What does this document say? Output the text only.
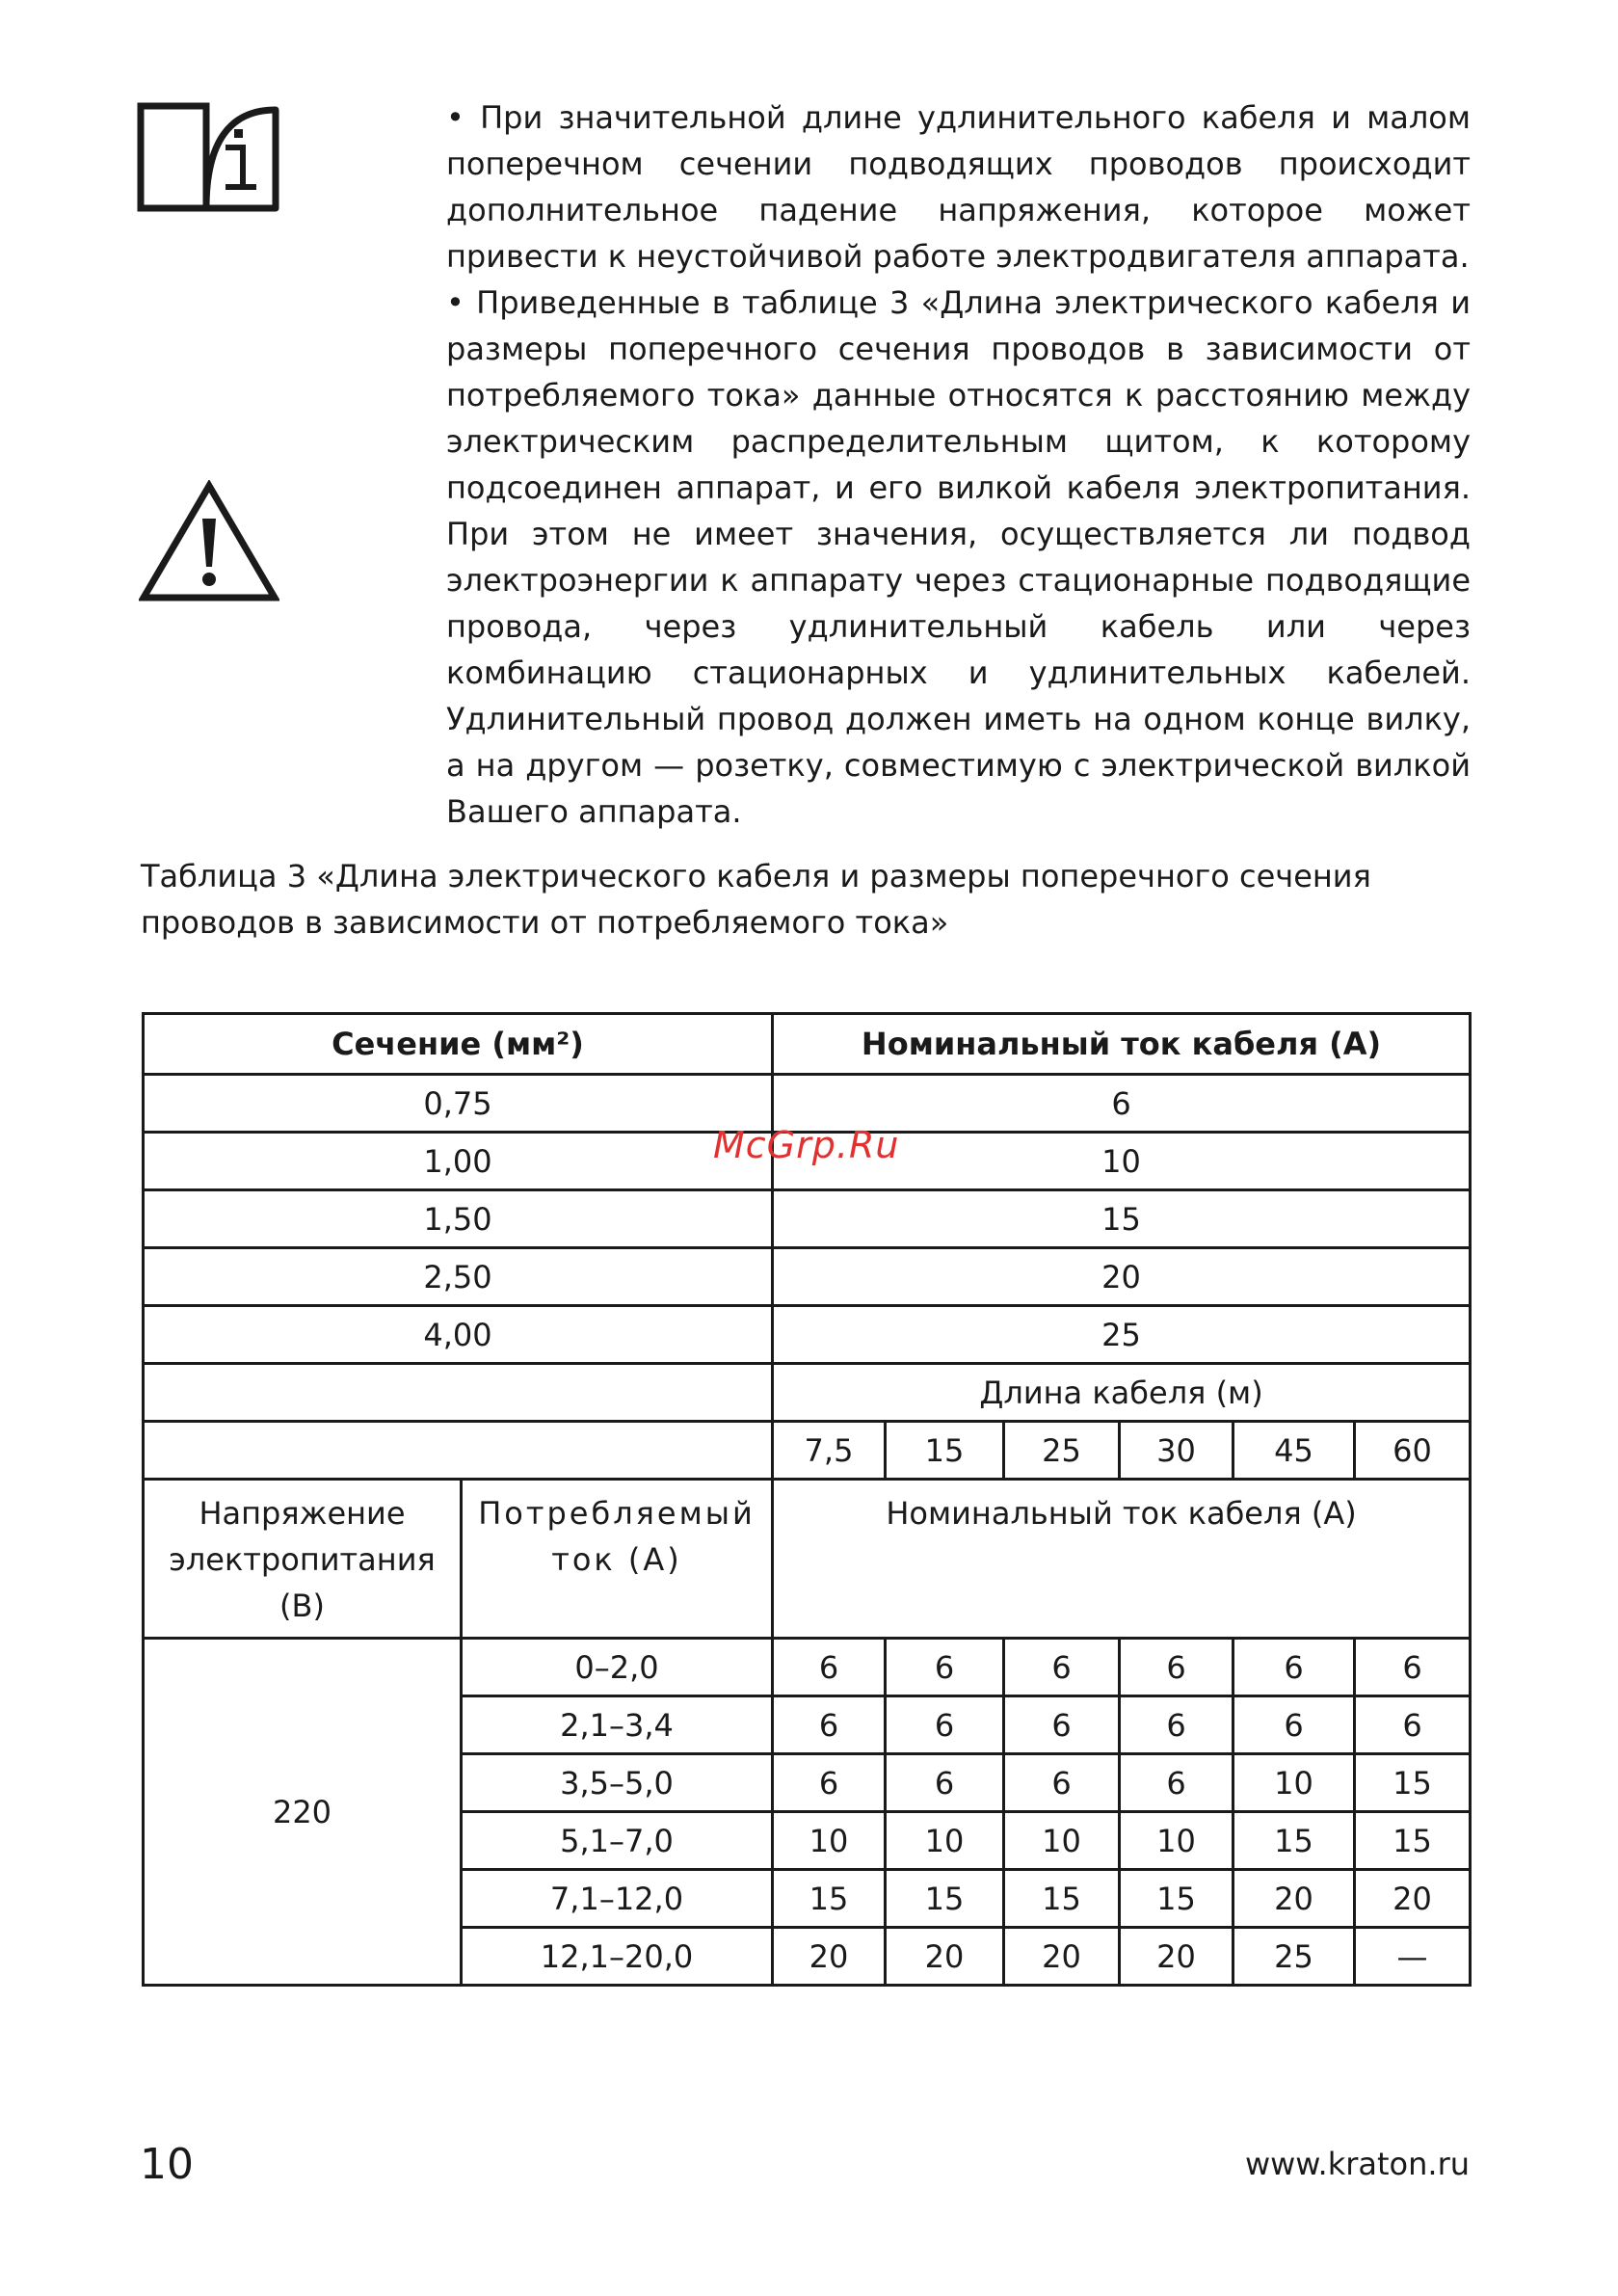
• При значительной длине удлинительного кабеля и малом поперечном сечении подводящих проводов происходит дополнительное падение напряжения, которое может привести к неустойчивой работе электродвигателя аппарата.

• Приведенные в таблице 3 «Длина электрического кабеля и размеры поперечного сечения проводов в зависимости от потребляемого тока» данные относятся к расстоянию между электрическим распределительным щитом, к которому подсоединен аппарат, и его вилкой кабеля электропитания. При этом не имеет значения, осуществляется ли подвод электроэнергии к аппарату через стационарные подводящие провода, через удлинительный кабель или через комбинацию стационарных и удлинительных кабелей. Удлинительный провод должен иметь на одном конце вилку, а на другом — розетку, совместимую с электрической вилкой Вашего аппарата.

Таблица 3 «Длина электрического кабеля и размеры поперечного сечения проводов в зависимости от потребляемого тока»

Сечение (мм²)		Номинальный ток кабеля (А)					
0,75		6					
1,00		10					
1,50		15					
2,50		20					
4,00		25					
		Длина кабеля (м)					
		7,5	15	25	30	45	60
Напряжение электропитания (В)	Потребляемый ток (А)	Номинальный ток кабеля (А)					
220	0–2,0	6	6	6	6	6	6
	2,1–3,4	6	6	6	6	6	6
	3,5–5,0	6	6	6	6	10	15
	5,1–7,0	10	10	10	10	15	15
	7,1–12,0	15	15	15	15	20	20
	12,1–20,0	20	20	20	20	25	—
McGrp.Ru
10	www.kraton.ru
